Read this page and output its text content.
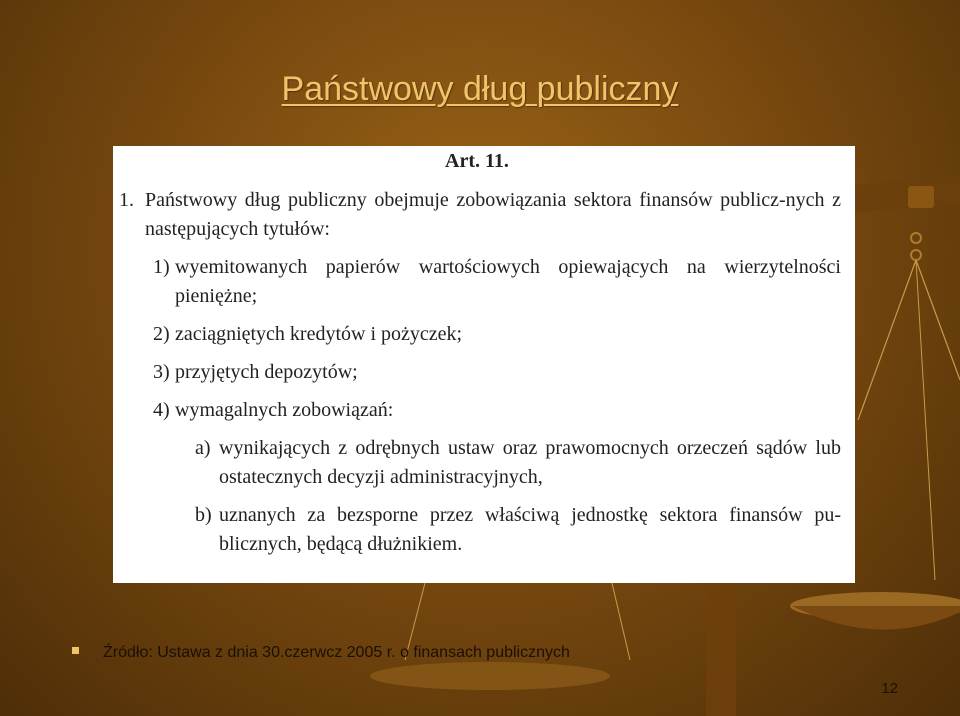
Państwowy dług publiczny
Art. 11.
1. Państwowy dług publiczny obejmuje zobowiązania sektora finansów publicz-nych z następujących tytułów:
1) wyemitowanych papierów wartościowych opiewających na wierzytelności pieniężne;
2) zaciągniętych kredytów i pożyczek;
3) przyjętych depozytów;
4) wymagalnych zobowiązań:
a) wynikających z odrębnych ustaw oraz prawomocnych orzeczeń sądów lub ostatecznych decyzji administracyjnych,
b) uznanych za bezsporne przez właściwą jednostkę sektora finansów pu-blicznych, będącą dłużnikiem.
Źródło: Ustawa z dnia 30.czerwcz 2005 r. o finansach publicznych
12
